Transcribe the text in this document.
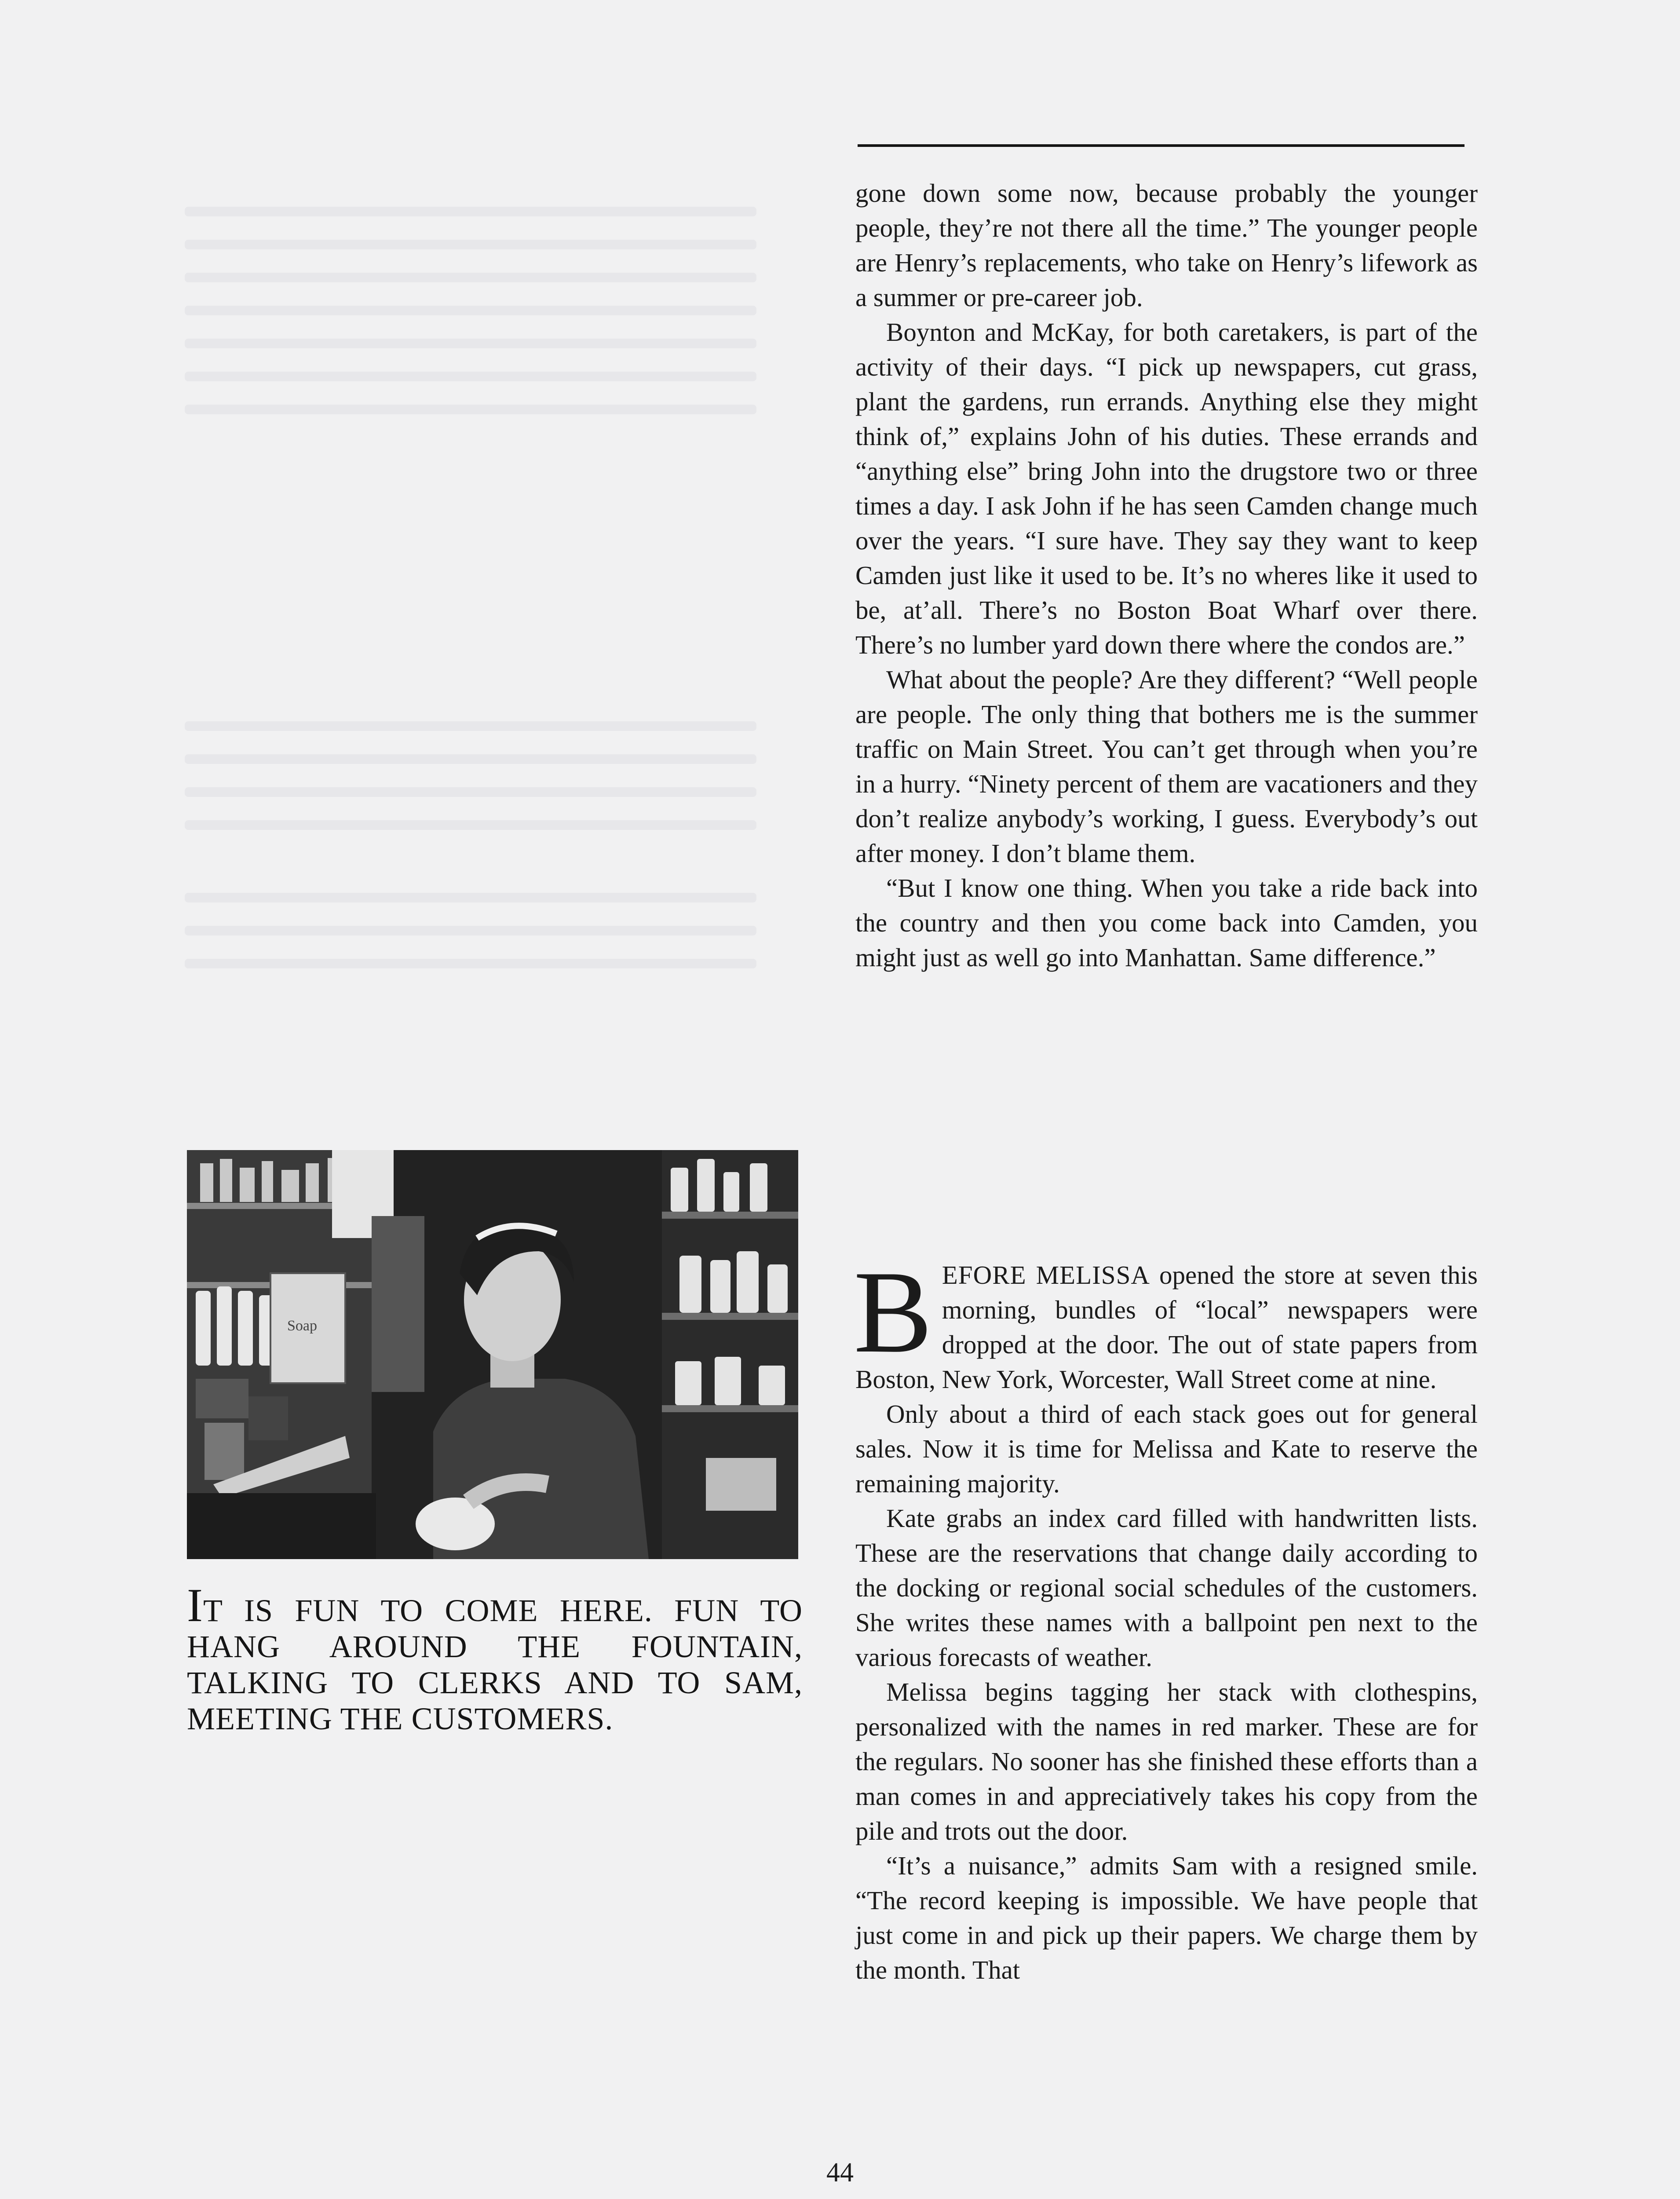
gone down some now, because probably the younger people, they’re not there all the time.” The younger people are Henry’s replacements, who take on Henry’s lifework as a summer or pre-career job.

Boynton and McKay, for both caretakers, is part of the activity of their days. “I pick up newspapers, cut grass, plant the gardens, run errands. Anything else they might think of,” explains John of his duties. These errands and “anything else” bring John into the drugstore two or three times a day. I ask John if he has seen Camden change much over the years. “I sure have. They say they want to keep Camden just like it used to be. It’s no wheres like it used to be, at’all. There’s no Boston Boat Wharf over there. There’s no lumber yard down there where the condos are.”

What about the people? Are they different? “Well people are people. The only thing that bothers me is the summer traffic on Main Street. You can’t get through when you’re in a hurry. “Ninety percent of them are vacationers and they don’t realize anybody’s working, I guess. Everybody’s out after money. I don’t blame them.

“But I know one thing. When you take a ride back into the country and then you come back into Camden, you might just as well go into Manhattan. Same difference.”

BEFORE MELISSA opened the store at seven this morning, bundles of “local” newspapers were dropped at the door. The out of state papers from Boston, New York, Worcester, Wall Street come at nine.

Only about a third of each stack goes out for general sales. Now it is time for Melissa and Kate to reserve the remaining majority.

Kate grabs an index card filled with handwritten lists. These are the reservations that change daily according to the docking or regional social schedules of the customers. She writes these names with a ballpoint pen next to the various forecasts of weather.

Melissa begins tagging her stack with clothespins, personalized with the names in red marker. These are for the regulars. No sooner has she finished these efforts than a man comes in and appreciatively takes his copy from the pile and trots out the door.

“It’s a nuisance,” admits Sam with a resigned smile. “The record keeping is impossible. We have people that just come in and pick up their papers. We charge them by the month. That

Soap
IT IS FUN TO COME HERE. FUN TO HANG AROUND THE FOUNTAIN, TALKING TO CLERKS AND TO SAM, MEETING THE CUSTOMERS.
44
